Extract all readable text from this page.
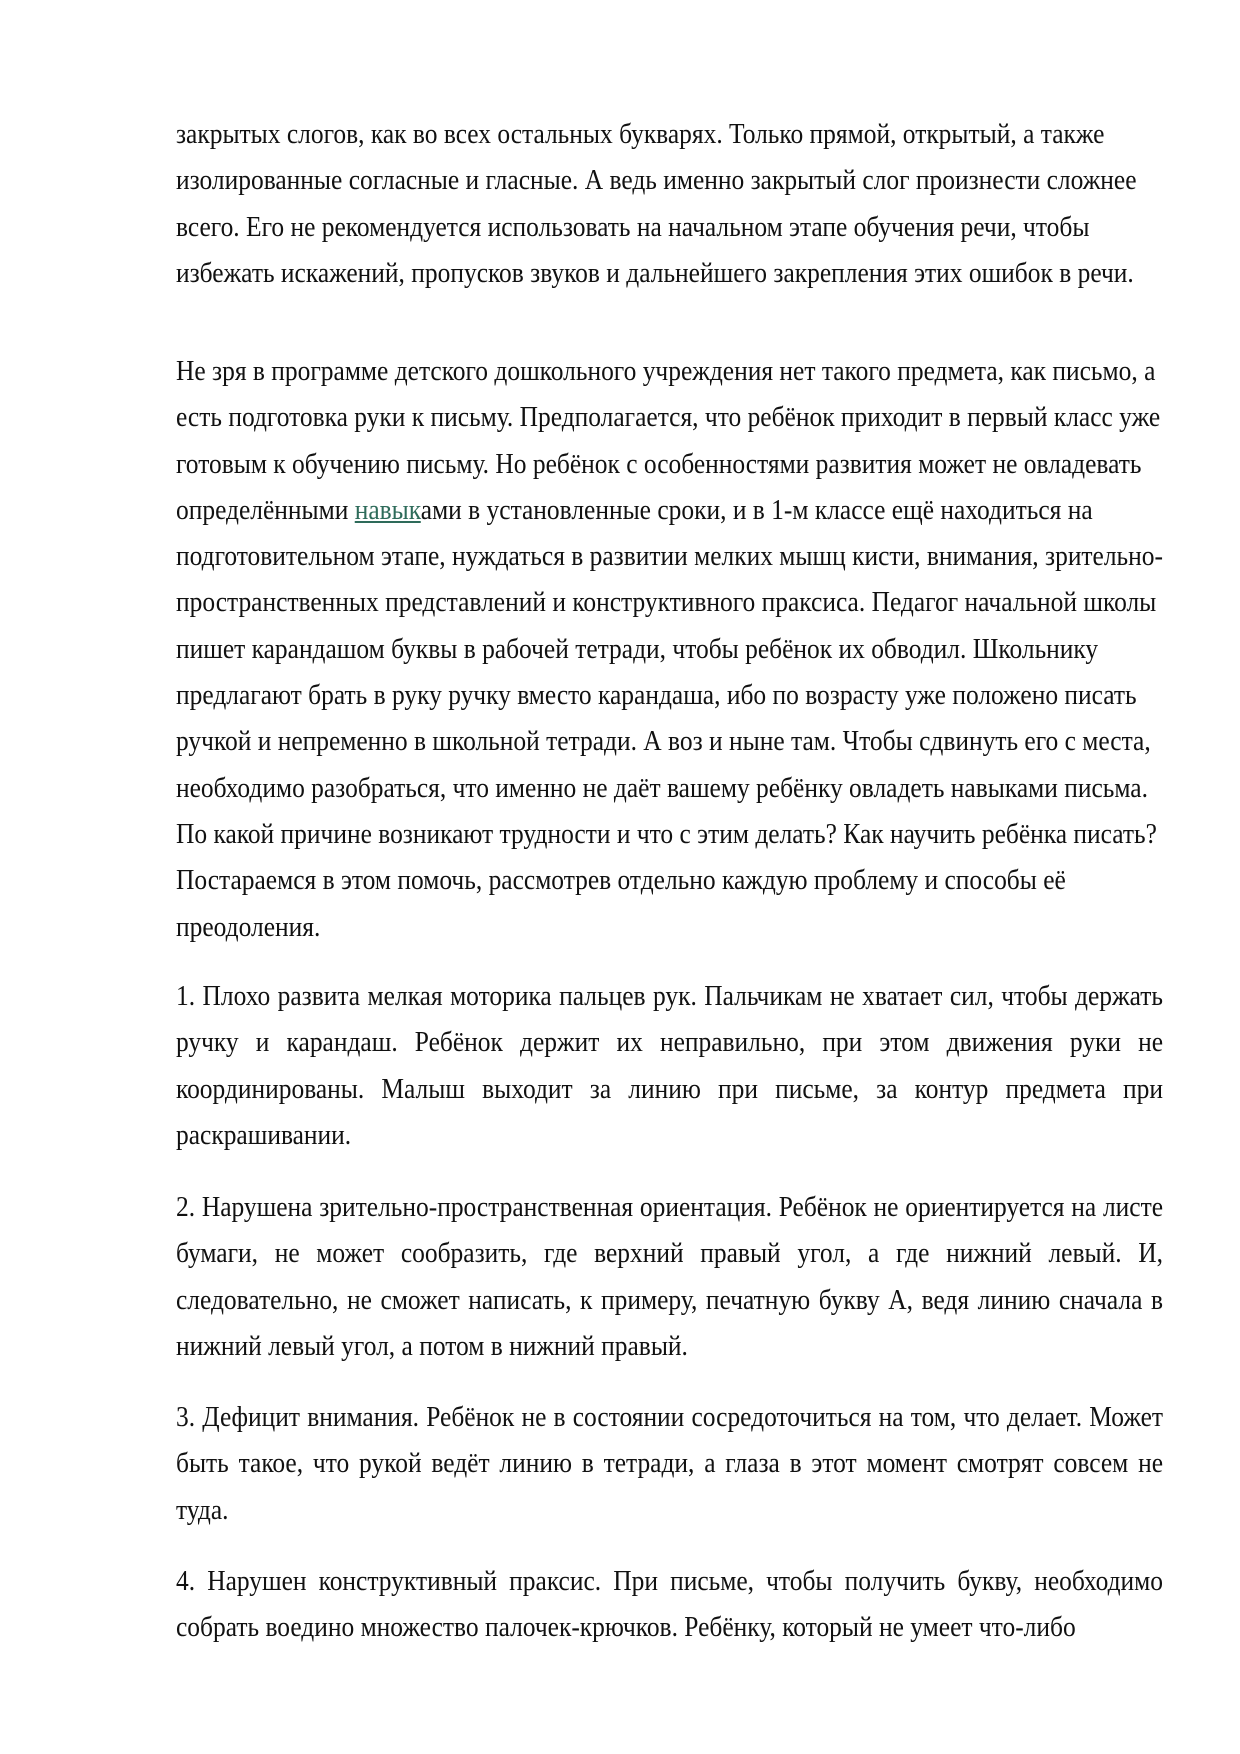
закрытых слогов, как во всех остальных букварях. Только прямой, открытый, а также
изолированные согласные и гласные. А ведь именно закрытый слог произнести сложнее
всего. Его не рекомендуется использовать на начальном этапе обучения речи, чтобы
избежать искажений, пропусков звуков и дальнейшего закрепления этих ошибок в речи.
Не зря в программе детского дошкольного учреждения нет такого предмета, как письмо, а
есть подготовка руки к письму. Предполагается, что ребёнок приходит в первый класс уже
готовым к обучению письму. Но ребёнок с особенностями развития может не овладевать
определёнными навыками в установленные сроки, и в 1-м классе ещё находиться на
подготовительном этапе, нуждаться в развитии мелких мышц кисти, внимания, зрительно-
пространственных представлений и конструктивного праксиса. Педагог начальной школы
пишет карандашом буквы в рабочей тетради, чтобы ребёнок их обводил. Школьнику
предлагают брать в руку ручку вместо карандаша, ибо по возрасту уже положено писать
ручкой и непременно в школьной тетради. А воз и ныне там. Чтобы сдвинуть его с места,
необходимо разобраться, что именно не даёт вашему ребёнку овладеть навыками письма.
По какой причине возникают трудности и что с этим делать? Как научить ребёнка писать?
Постараемся в этом помочь, рассмотрев отдельно каждую проблему и способы её
преодоления.
1. Плохо развита мелкая моторика пальцев рук. Пальчикам не хватает сил, чтобы держать
ручку и карандаш. Ребёнок держит их неправильно, при этом движения руки не
координированы. Малыш выходит за линию при письме, за контур предмета при
раскрашивании.
2. Нарушена зрительно-пространственная ориентация. Ребёнок не ориентируется на листе
бумаги, не может сообразить, где верхний правый угол, а где нижний левый. И,
следовательно, не сможет написать, к примеру, печатную букву А, ведя линию сначала в
нижний левый угол, а потом в нижний правый.
3. Дефицит внимания. Ребёнок не в состоянии сосредоточиться на том, что делает. Может
быть такое, что рукой ведёт линию в тетради, а глаза в этот момент смотрят совсем не
туда.
4. Нарушен конструктивный праксис. При письме, чтобы получить букву, необходимо
собрать воедино множество палочек-крючков. Ребёнку, который не умеет что-либо
